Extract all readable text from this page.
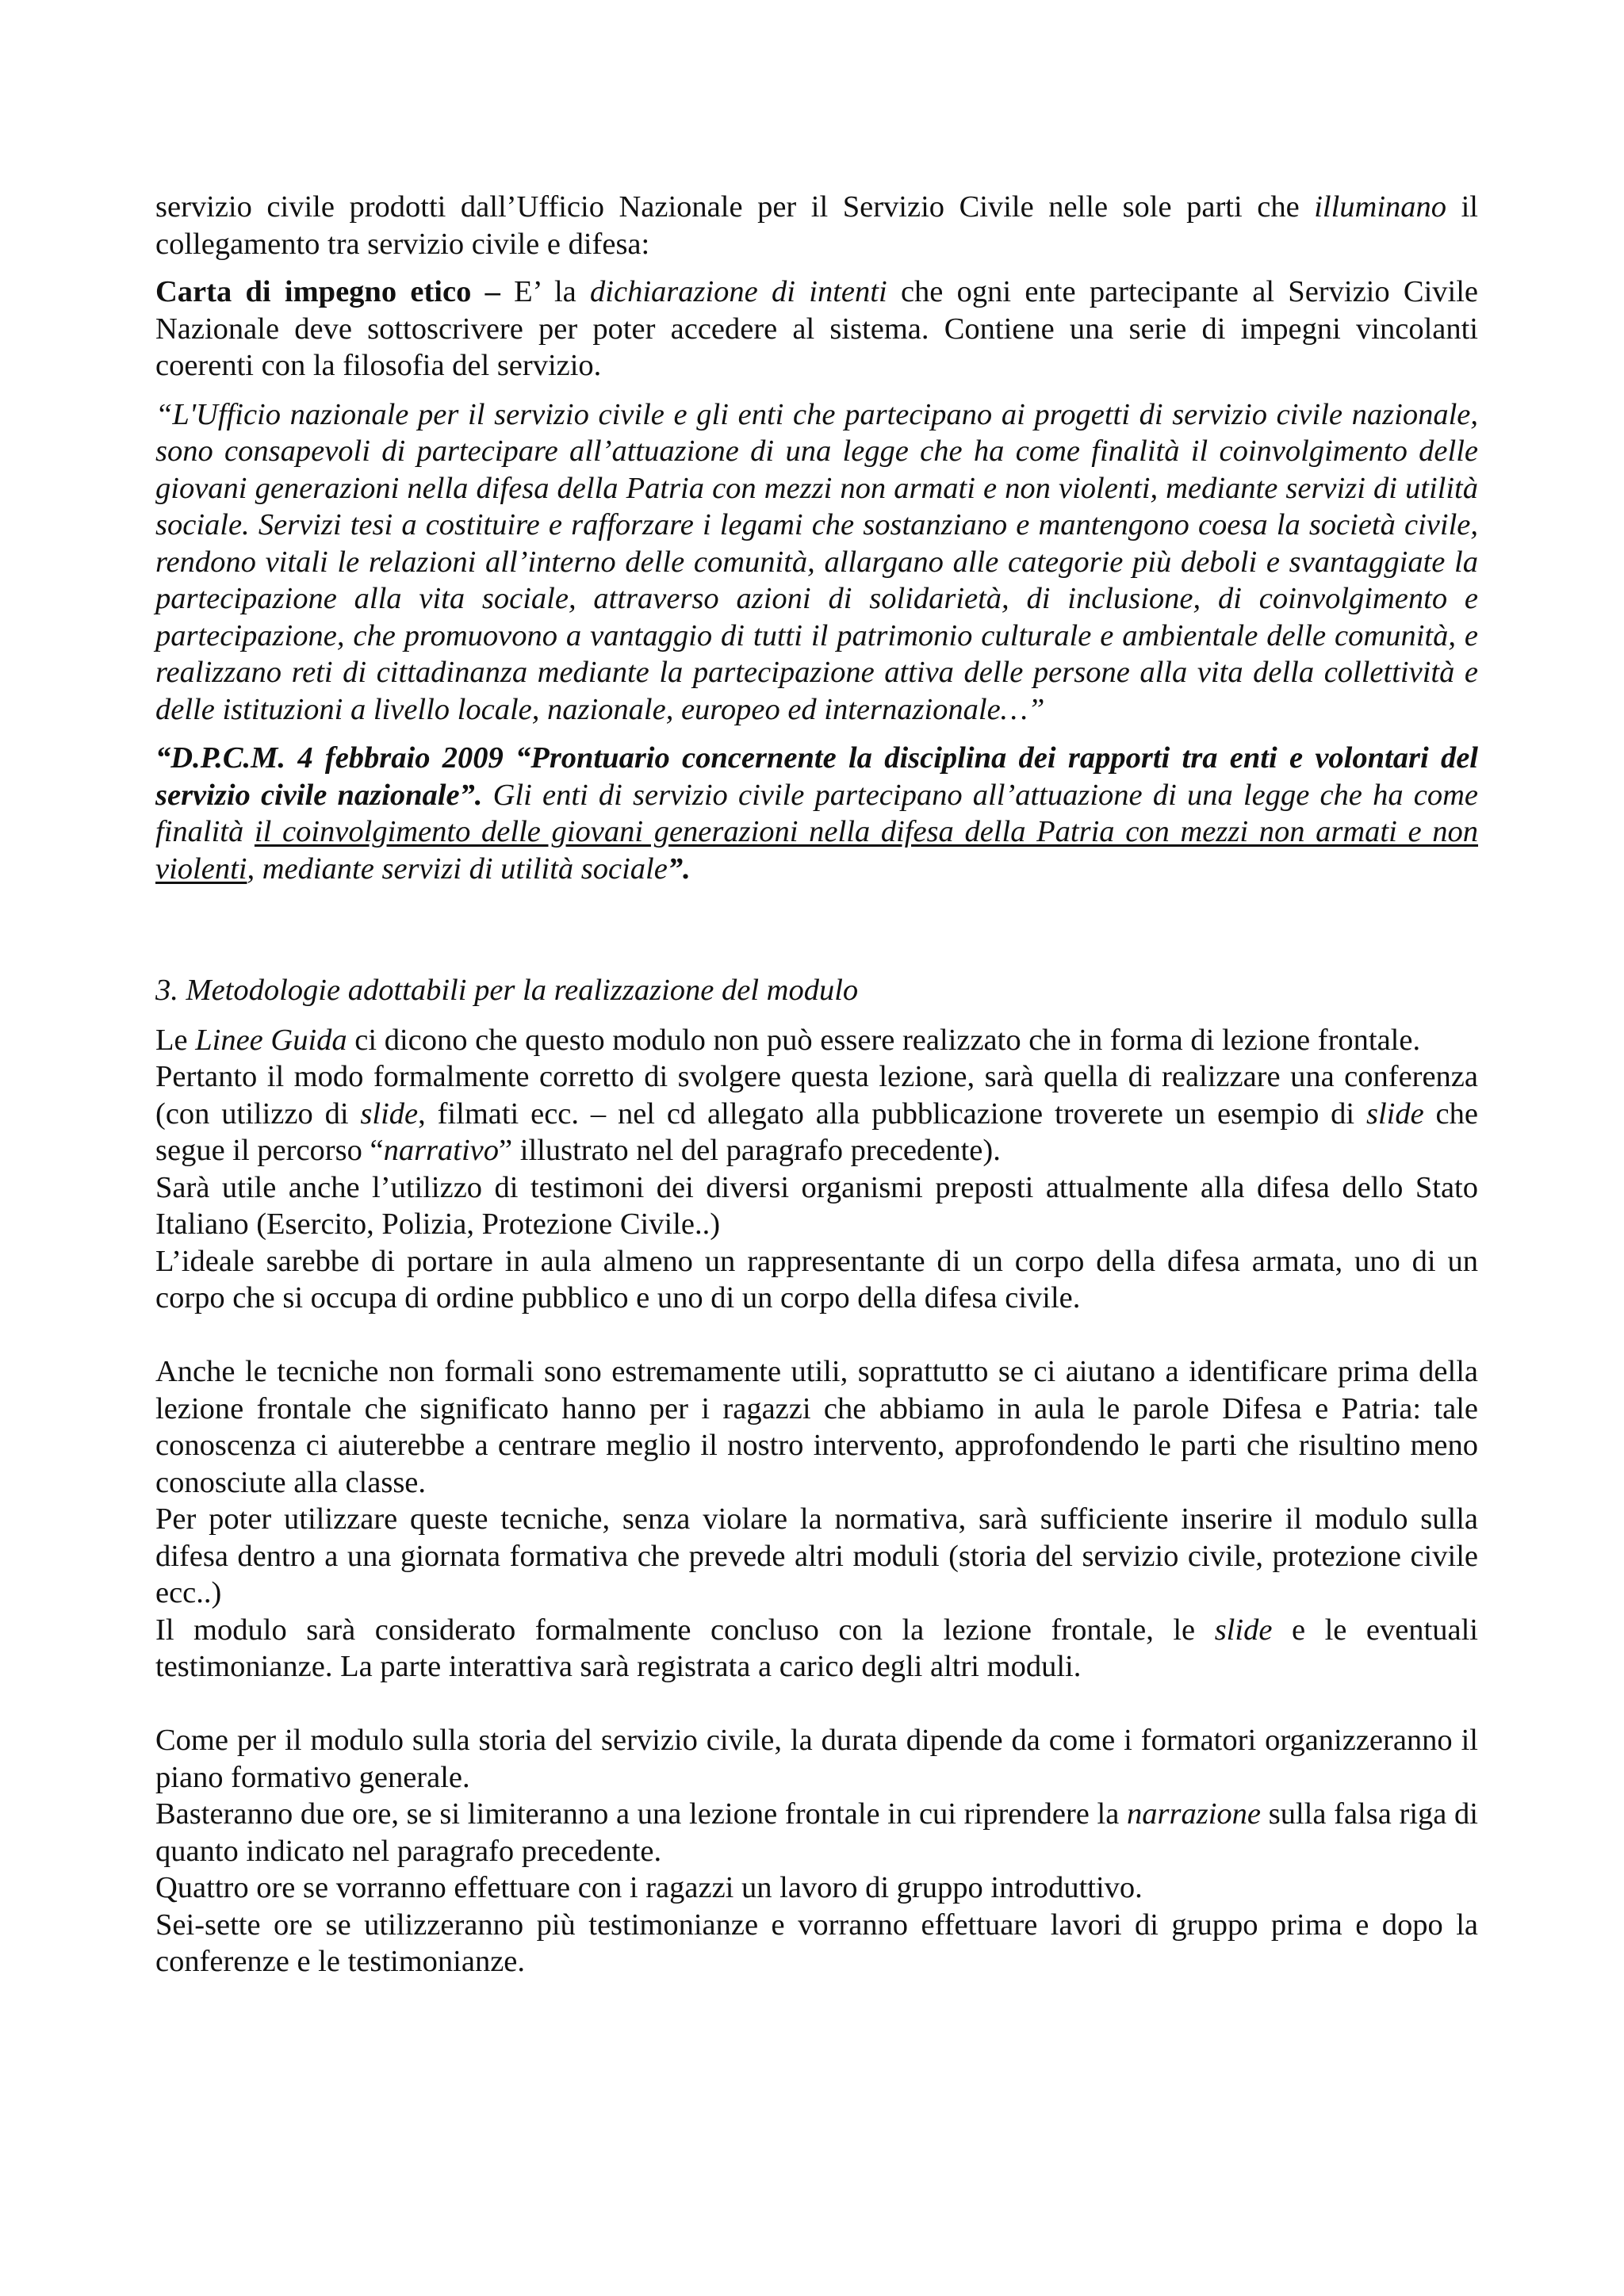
servizio civile prodotti dall’Ufficio Nazionale per il Servizio Civile nelle sole parti che illuminano il collegamento tra servizio civile e difesa:

Carta di impegno etico – E’ la dichiarazione di intenti che ogni ente partecipante al Servizio Civile Nazionale deve sottoscrivere per poter accedere al sistema. Contiene una serie di impegni vincolanti coerenti con la filosofia del servizio.

“L'Ufficio nazionale per il servizio civile e gli enti che partecipano ai progetti di servizio civile nazionale, sono consapevoli di partecipare all’attuazione di una legge che ha come finalità il coinvolgimento delle giovani generazioni nella difesa della Patria con mezzi non armati e non violenti, mediante servizi di utilità sociale. Servizi tesi a costituire e rafforzare i legami che sostanziano e mantengono coesa la società civile, rendono vitali le relazioni all’interno delle comunità, allargano alle categorie più deboli e svantaggiate la partecipazione alla vita sociale, attraverso azioni di solidarietà, di inclusione, di coinvolgimento e partecipazione, che promuovono a vantaggio di tutti il patrimonio culturale e ambientale delle comunità, e realizzano reti di cittadinanza mediante la partecipazione attiva delle persone alla vita della collettività e delle istituzioni a livello locale, nazionale, europeo ed internazionale…”

“D.P.C.M. 4 febbraio 2009 “Prontuario concernente la disciplina dei rapporti tra enti e volontari del servizio civile nazionale”. Gli enti di servizio civile partecipano all’attuazione di una legge che ha come finalità il coinvolgimento delle giovani generazioni nella difesa della Patria con mezzi non armati e non violenti, mediante servizi di utilità sociale”.

3. Metodologie adottabili per la realizzazione del modulo

Le Linee Guida ci dicono che questo modulo non può essere realizzato che in forma di lezione frontale.

Pertanto il modo formalmente corretto di svolgere questa lezione, sarà quella di realizzare una conferenza (con utilizzo di slide, filmati ecc. – nel cd allegato alla pubblicazione troverete un esempio di slide che segue il percorso “narrativo” illustrato nel del paragrafo precedente).

Sarà utile anche l’utilizzo di testimoni dei diversi organismi preposti attualmente alla difesa dello Stato Italiano (Esercito, Polizia, Protezione Civile..)

L’ideale sarebbe di portare in aula almeno un rappresentante di un corpo della difesa armata, uno di un corpo che si occupa di ordine pubblico e uno di un corpo della difesa civile.

Anche le tecniche non formali sono estremamente utili, soprattutto se ci aiutano a identificare prima della lezione frontale che significato hanno per i ragazzi che abbiamo in aula le parole Difesa e Patria: tale conoscenza ci aiuterebbe a centrare meglio il nostro intervento, approfondendo le parti che risultino meno conosciute alla classe.

Per poter utilizzare queste tecniche, senza violare la normativa, sarà sufficiente inserire il modulo sulla difesa dentro a una giornata formativa che prevede altri moduli (storia del servizio civile, protezione civile ecc..)

Il modulo sarà considerato formalmente concluso con la lezione frontale, le slide e le eventuali testimonianze. La parte interattiva sarà registrata a carico degli altri moduli.

Come per il modulo sulla storia del servizio civile, la durata dipende da come i formatori organizzeranno il piano formativo generale.

Basteranno due ore, se si limiteranno a una lezione frontale in cui riprendere la narrazione sulla falsa riga di quanto indicato nel paragrafo precedente.

Quattro ore se vorranno effettuare con i ragazzi un lavoro di gruppo introduttivo.

Sei-sette ore se utilizzeranno più testimonianze e vorranno effettuare lavori di gruppo prima e dopo la conferenze e le testimonianze.
